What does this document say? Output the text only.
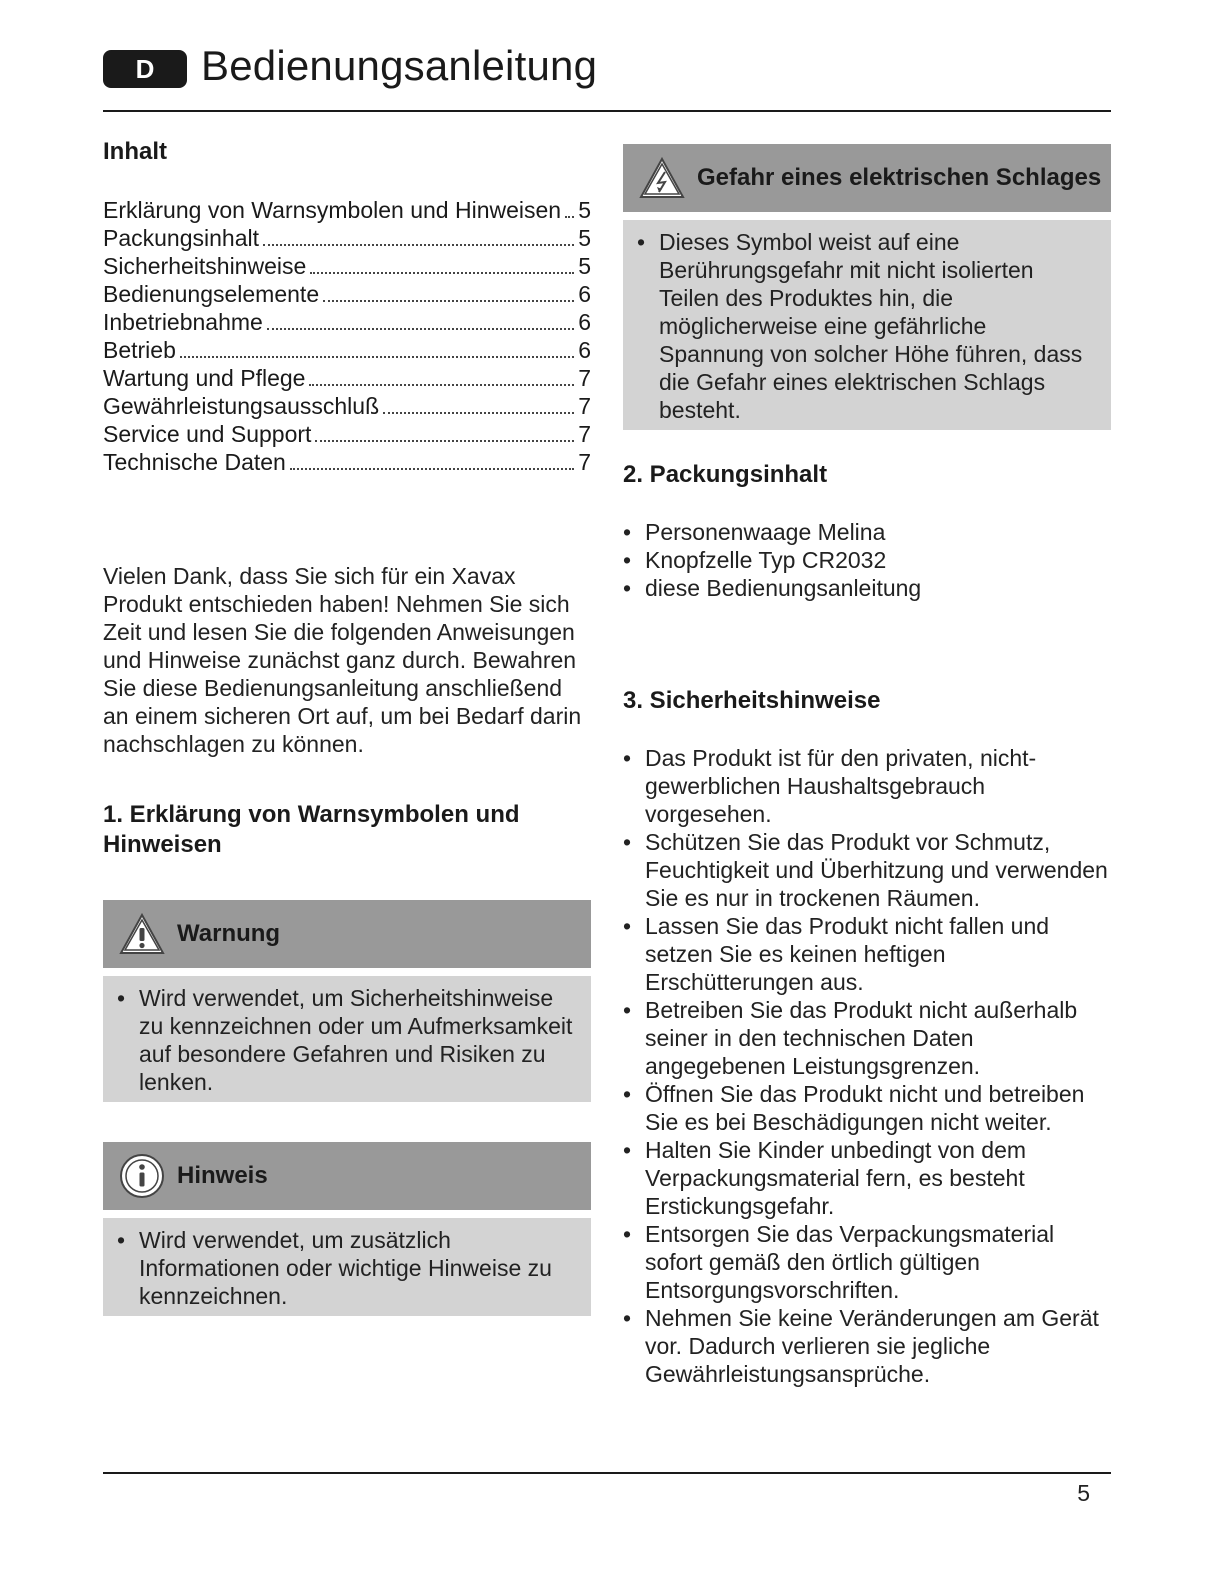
D	Bedienungsanleitung
Inhalt
Erklärung von Warnsymbolen und Hinweisen 5
Packungsinhalt	5
Sicherheitshinweise	5
Bedienungselemente	6
Inbetriebnahme	6
Betrieb	6
Wartung und Pflege	7
Gewährleistungsausschluß	7
Service und Support	7
Technische Daten	7

Vielen Dank, dass Sie sich für ein Xavax Produkt entschieden haben! Nehmen Sie sich Zeit und lesen Sie die folgenden Anweisungen und Hinweise zunächst ganz durch. Bewahren Sie diese Bedienungsanleitung anschließend an einem sicheren Ort auf, um bei Bedarf darin nachschlagen zu können.

1. Erklärung von Warnsymbolen und Hinweisen
Warnung
• Wird verwendet, um Sicherheitshinweise zu kennzeichnen oder um Aufmerksamkeit auf besondere Gefahren und Risiken zu lenken.
Hinweis
• Wird verwendet, um zusätzlich Informationen oder wichtige Hinweise zu kennzeichnen.
Gefahr eines elektrischen Schlages
• Dieses Symbol weist auf eine Berührungsgefahr mit nicht isolierten Teilen des Produktes hin, die möglicherweise eine gefährliche Spannung von solcher Höhe führen, dass die Gefahr eines elektrischen Schlags besteht.
2. Packungsinhalt
• Personenwaage Melina
• Knopfzelle Typ CR2032
• diese Bedienungsanleitung
3. Sicherheitshinweise
• Das Produkt ist für den privaten, nicht-gewerblichen Haushaltsgebrauch vorgesehen.
• Schützen Sie das Produkt vor Schmutz, Feuchtigkeit und Überhitzung und verwenden Sie es nur in trockenen Räumen.
• Lassen Sie das Produkt nicht fallen und setzen Sie es keinen heftigen Erschütterungen aus.
• Betreiben Sie das Produkt nicht außerhalb seiner in den technischen Daten angegebenen Leistungsgrenzen.
• Öffnen Sie das Produkt nicht und betreiben Sie es bei Beschädigungen nicht weiter.
• Halten Sie Kinder unbedingt von dem Verpackungsmaterial fern, es besteht Erstickungsgefahr.
• Entsorgen Sie das Verpackungsmaterial sofort gemäß den örtlich gültigen Entsorgungsvorschriften.
• Nehmen Sie keine Veränderungen am Gerät vor. Dadurch verlieren sie jegliche Gewährleistungsansprüche.
5
